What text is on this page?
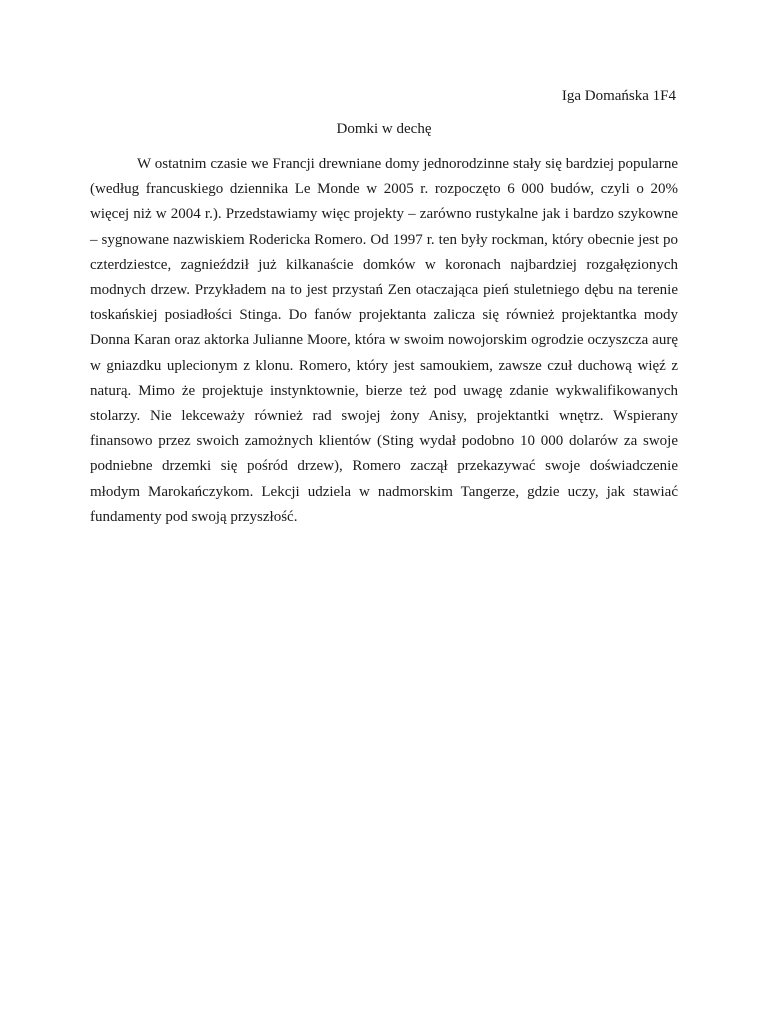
Iga Domańska 1F4
Domki w dechę

W ostatnim czasie we Francji drewniane domy jednorodzinne stały się bardziej popularne (według francuskiego dziennika Le Monde w 2005 r. rozpoczęto 6 000 budów, czyli o 20% więcej niż w 2004 r.). Przedstawiamy więc projekty – zarówno rustykalne jak i bardzo szykowne – sygnowane nazwiskiem Rodericka Romero. Od 1997 r. ten były rockman, który obecnie jest po czterdziestce, zagnieździł już kilkanaście domków w koronach najbardziej rozgałęzionych modnych drzew. Przykładem na to jest przystań Zen otaczająca pień stuletniego dębu na terenie toskańskiej posiadłości Stinga. Do fanów projektanta zalicza się również projektantka mody Donna Karan oraz aktorka Julianne Moore, która w swoim nowojorskim ogrodzie oczyszcza aurę w gniazdku uplecionym z klonu. Romero, który jest samoukiem, zawsze czuł duchową więź z naturą. Mimo że projektuje instynktownie, bierze też pod uwagę zdanie wykwalifikowanych stolarzy. Nie lekceważy również rad swojej żony Anisy, projektantki wnętrz. Wspierany finansowo przez swoich zamożnych klientów (Sting wydał podobno 10 000 dolarów za swoje podniebne drzemki się pośród drzew), Romero zaczął przekazywać swoje doświadczenie młodym Marokańczykom. Lekcji udziela w nadmorskim Tangerze, gdzie uczy, jak stawiać fundamenty pod swoją przyszłość.
